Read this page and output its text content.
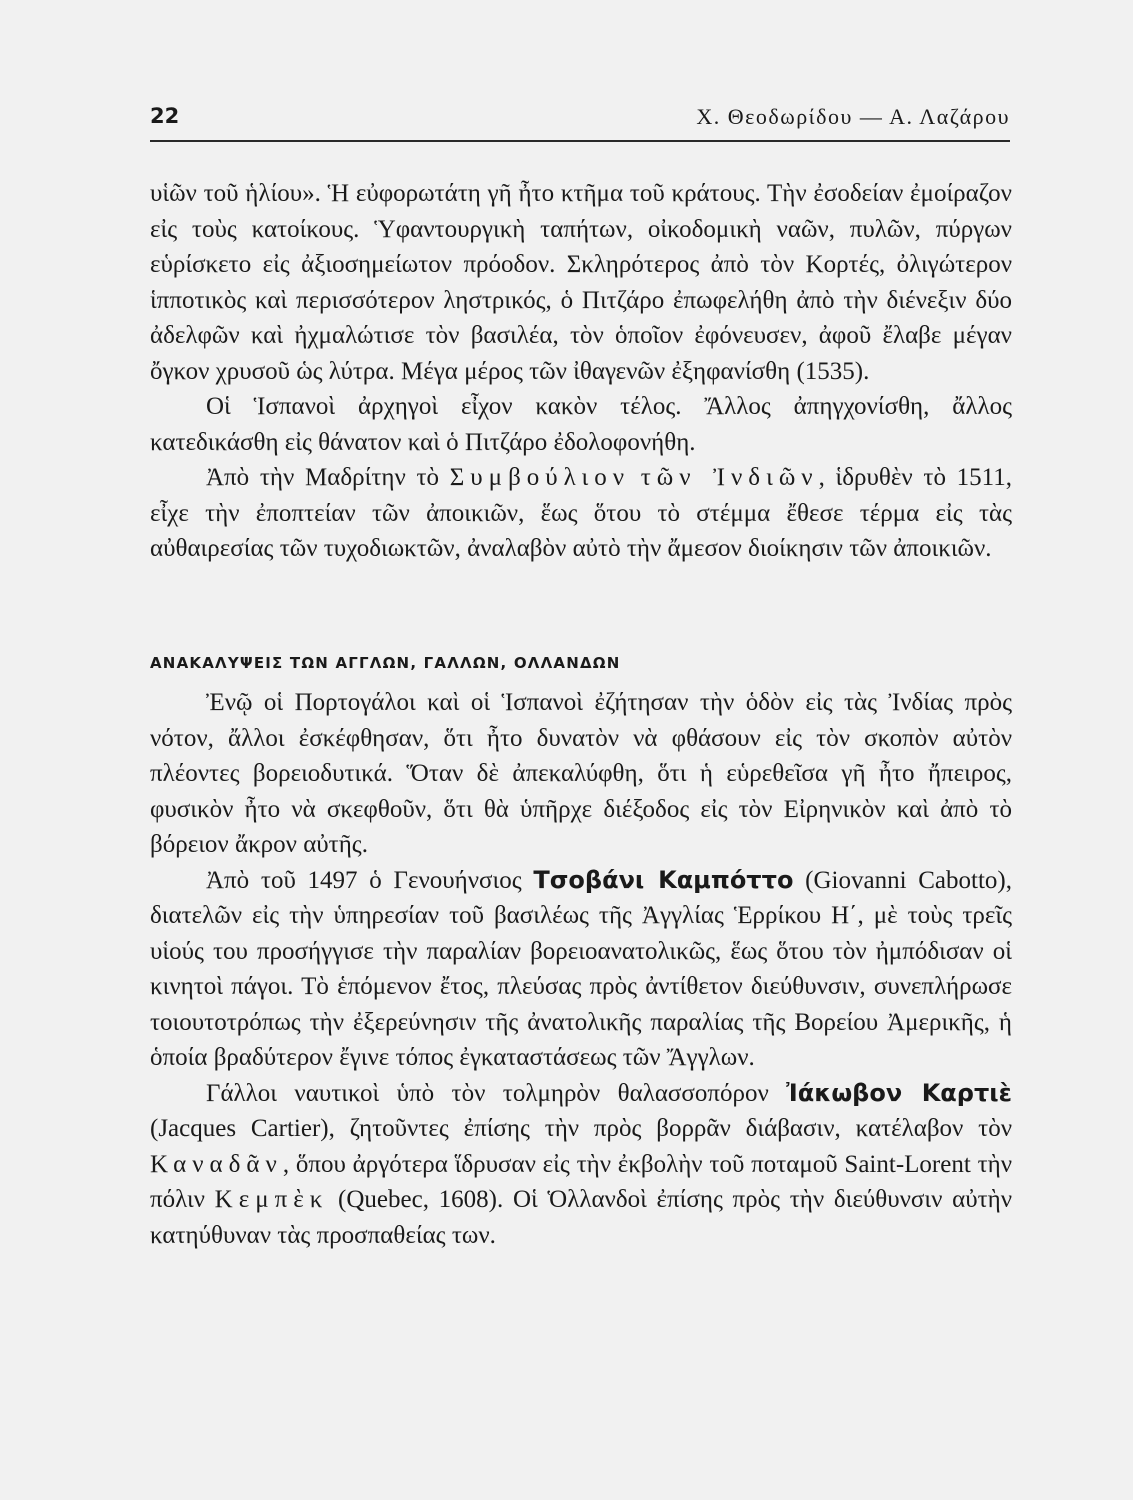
22	Χ. Θεοδωρίδου — Α. Λαζάρου

υἱῶν τοῦ ἡλίου». Ἡ εὐφορωτάτη γῆ ἦτο κτῆμα τοῦ κράτους. Τὴν ἐσοδείαν ἐμοίραζον εἰς τοὺς κατοίκους. Ὑφαντουργικὴ ταπήτων, οἰκοδομικὴ ναῶν, πυλῶν, πύργων εὑρίσκετο εἰς ἀξιοσημείωτον πρόοδον. Σκληρότερος ἀπὸ τὸν Κορτές, ὀλιγώτερον ἱπποτικὸς καὶ περισσότερον ληστρικός, ὁ Πιτζάρο ἐπωφελήθη ἀπὸ τὴν διένεξιν δύο ἀδελφῶν καὶ ἠχμαλώτισε τὸν βασιλέα, τὸν ὁποῖον ἐφόνευσεν, ἀφοῦ ἔλαβε μέγαν ὄγκον χρυσοῦ ὡς λύτρα. Μέγα μέρος τῶν ἰθαγενῶν ἐξηφανίσθη (1535).

Οἱ Ἱσπανοὶ ἀρχηγοὶ εἶχον κακὸν τέλος. Ἄλλος ἀπηγχονίσθη, ἄλλος κατεδικάσθη εἰς θάνατον καὶ ὁ Πιτζάρο ἐδολοφονήθη.

Ἀπὸ τὴν Μαδρίτην τὸ Συμβούλιον τῶν Ἰνδιῶν, ἱδρυθὲν τὸ 1511, εἶχε τὴν ἐποπτείαν τῶν ἀποικιῶν, ἕως ὅτου τὸ στέμμα ἔθεσε τέρμα εἰς τὰς αὐθαιρεσίας τῶν τυχοδιωκτῶν, ἀναλαβὸν αὐτὸ τὴν ἄμεσον διοίκησιν τῶν ἀποικιῶν.

ΑΝΑΚΑΛΥΨΕΙΣ ΤΩΝ ΑΓΓΛΩΝ, ΓΑΛΛΩΝ, ΟΛΛΑΝΔΩΝ

Ἐνῷ οἱ Πορτογάλοι καὶ οἱ Ἱσπανοὶ ἐζήτησαν τὴν ὁδὸν εἰς τὰς Ἰνδίας πρὸς νότον, ἄλλοι ἐσκέφθησαν, ὅτι ἦτο δυνατὸν νὰ φθάσουν εἰς τὸν σκοπὸν αὐτὸν πλέοντες βορειοδυτικά. Ὅταν δὲ ἀπεκαλύφθη, ὅτι ἡ εὑρεθεῖσα γῆ ἦτο ἤπειρος, φυσικὸν ἦτο νὰ σκεφθοῦν, ὅτι θὰ ὑπῆρχε διέξοδος εἰς τὸν Εἰρηνικὸν καὶ ἀπὸ τὸ βόρειον ἄκρον αὐτῆς.

Ἀπὸ τοῦ 1497 ὁ Γενουήνσιος Τσοβάνι Καμπόττο (Giovanni Cabotto), διατελῶν εἰς τὴν ὑπηρεσίαν τοῦ βασιλέως τῆς Ἀγγλίας Ἑρρίκου Η΄, μὲ τοὺς τρεῖς υἱούς του προσήγγισε τὴν παραλίαν βορειοανατολικῶς, ἕως ὅτου τὸν ἠμπόδισαν οἱ κινητοὶ πάγοι. Τὸ ἑπόμενον ἔτος, πλεύσας πρὸς ἀντίθετον διεύθυνσιν, συνεπλήρωσε τοιουτοτρόπως τὴν ἐξερεύνησιν τῆς ἀνατολικῆς παραλίας τῆς Βορείου Ἀμερικῆς, ἡ ὁποία βραδύτερον ἔγινε τόπος ἐγκαταστάσεως τῶν Ἄγγλων.

Γάλλοι ναυτικοὶ ὑπὸ τὸν τολμηρὸν θαλασσοπόρον Ἰάκωβον Καρτιὲ (Jacques Cartier), ζητοῦντες ἐπίσης τὴν πρὸς βορρᾶν διάβασιν, κατέλαβον τὸν Καναδᾶν, ὅπου ἀργότερα ἵδρυσαν εἰς τὴν ἐκβολὴν τοῦ ποταμοῦ Saint-Lorent τὴν πόλιν Κεμπὲκ (Quebec, 1608). Οἱ Ὁλλανδοὶ ἐπίσης πρὸς τὴν διεύθυνσιν αὐτὴν κατηύθυναν τὰς προσπαθείας των.
